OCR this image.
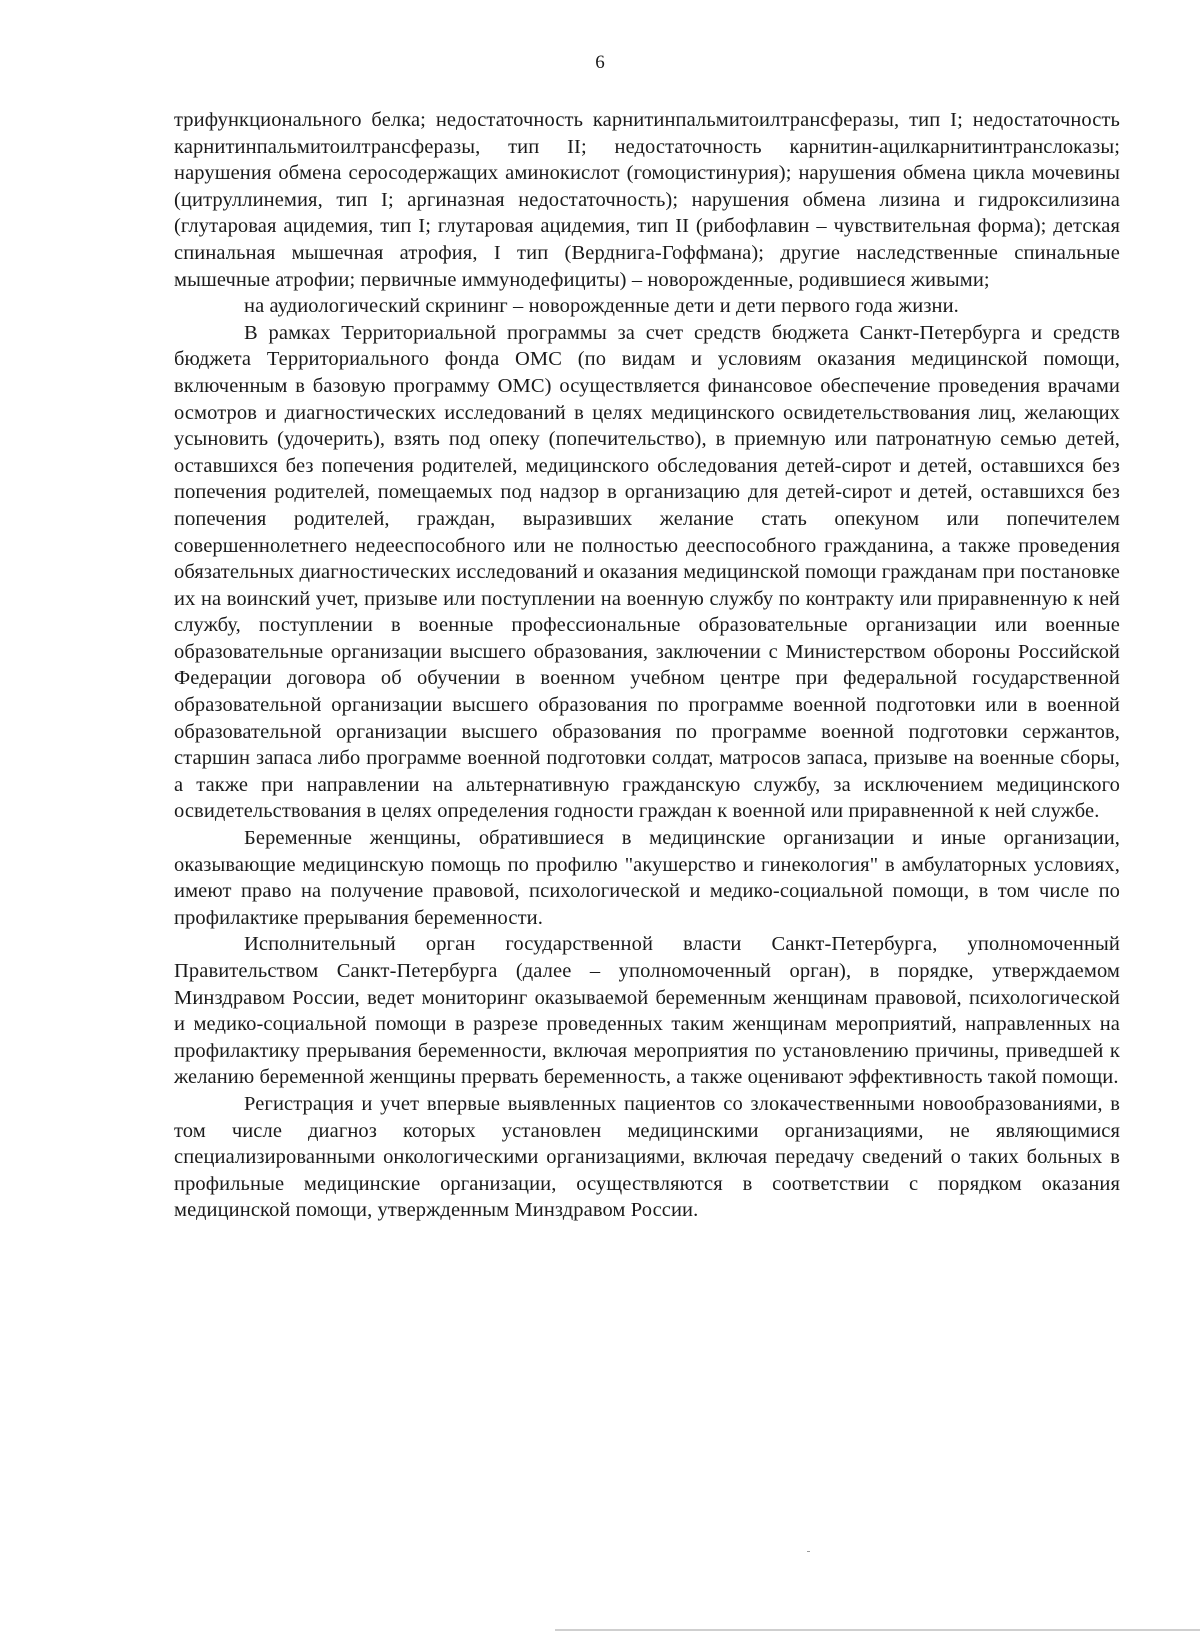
6

трифункционального белка; недостаточность карнитинпальмитоилтрансферазы, тип I; недостаточность карнитинпальмитоилтрансферазы, тип II; недостаточность карнитин-ацилкарнитинтранслоказы; нарушения обмена серосодержащих аминокислот (гомоцистинурия); нарушения обмена цикла мочевины (цитруллинемия, тип I; аргиназная недостаточность); нарушения обмена лизина и гидроксилизина (глутаровая ацидемия, тип I; глутаровая ацидемия, тип II (рибофлавин – чувствительная форма); детская спинальная мышечная атрофия, I тип (Верднига-Гоффмана); другие наследственные спинальные мышечные атрофии; первичные иммунодефициты) – новорожденные, родившиеся живыми;

на аудиологический скрининг – новорожденные дети и дети первого года жизни.

В рамках Территориальной программы за счет средств бюджета Санкт-Петербурга и средств бюджета Территориального фонда ОМС (по видам и условиям оказания медицинской помощи, включенным в базовую программу ОМС) осуществляется финансовое обеспечение проведения врачами осмотров и диагностических исследований в целях медицинского освидетельствования лиц, желающих усыновить (удочерить), взять под опеку (попечительство), в приемную или патронатную семью детей, оставшихся без попечения родителей, медицинского обследования детей-сирот и детей, оставшихся без попечения родителей, помещаемых под надзор в организацию для детей-сирот и детей, оставшихся без попечения родителей, граждан, выразивших желание стать опекуном или попечителем совершеннолетнего недееспособного или не полностью дееспособного гражданина, а также проведения обязательных диагностических исследований и оказания медицинской помощи гражданам при постановке их на воинский учет, призыве или поступлении на военную службу по контракту или приравненную к ней службу, поступлении в военные профессиональные образовательные организации или военные образовательные организации высшего образования, заключении с Министерством обороны Российской Федерации договора об обучении в военном учебном центре при федеральной государственной образовательной организации высшего образования по программе военной подготовки или в военной образовательной организации высшего образования по программе военной подготовки сержантов, старшин запаса либо программе военной подготовки солдат, матросов запаса, призыве на военные сборы, а также при направлении на альтернативную гражданскую службу, за исключением медицинского освидетельствования в целях определения годности граждан к военной или приравненной к ней службе.

Беременные женщины, обратившиеся в медицинские организации и иные организации, оказывающие медицинскую помощь по профилю "акушерство и гинекология" в амбулаторных условиях, имеют право на получение правовой, психологической и медико-социальной помощи, в том числе по профилактике прерывания беременности.

Исполнительный орган государственной власти Санкт-Петербурга, уполномоченный Правительством Санкт-Петербурга (далее – уполномоченный орган), в порядке, утверждаемом Минздравом России, ведет мониторинг оказываемой беременным женщинам правовой, психологической и медико-социальной помощи в разрезе проведенных таким женщинам мероприятий, направленных на профилактику прерывания беременности, включая мероприятия по установлению причины, приведшей к желанию беременной женщины прервать беременность, а также оценивают эффективность такой помощи.

Регистрация и учет впервые выявленных пациентов со злокачественными новообразованиями, в том числе диагноз которых установлен медицинскими организациями, не являющимися специализированными онкологическими организациями, включая передачу сведений о таких больных в профильные медицинские организации, осуществляются в соответствии с порядком оказания медицинской помощи, утвержденным Минздравом России.
